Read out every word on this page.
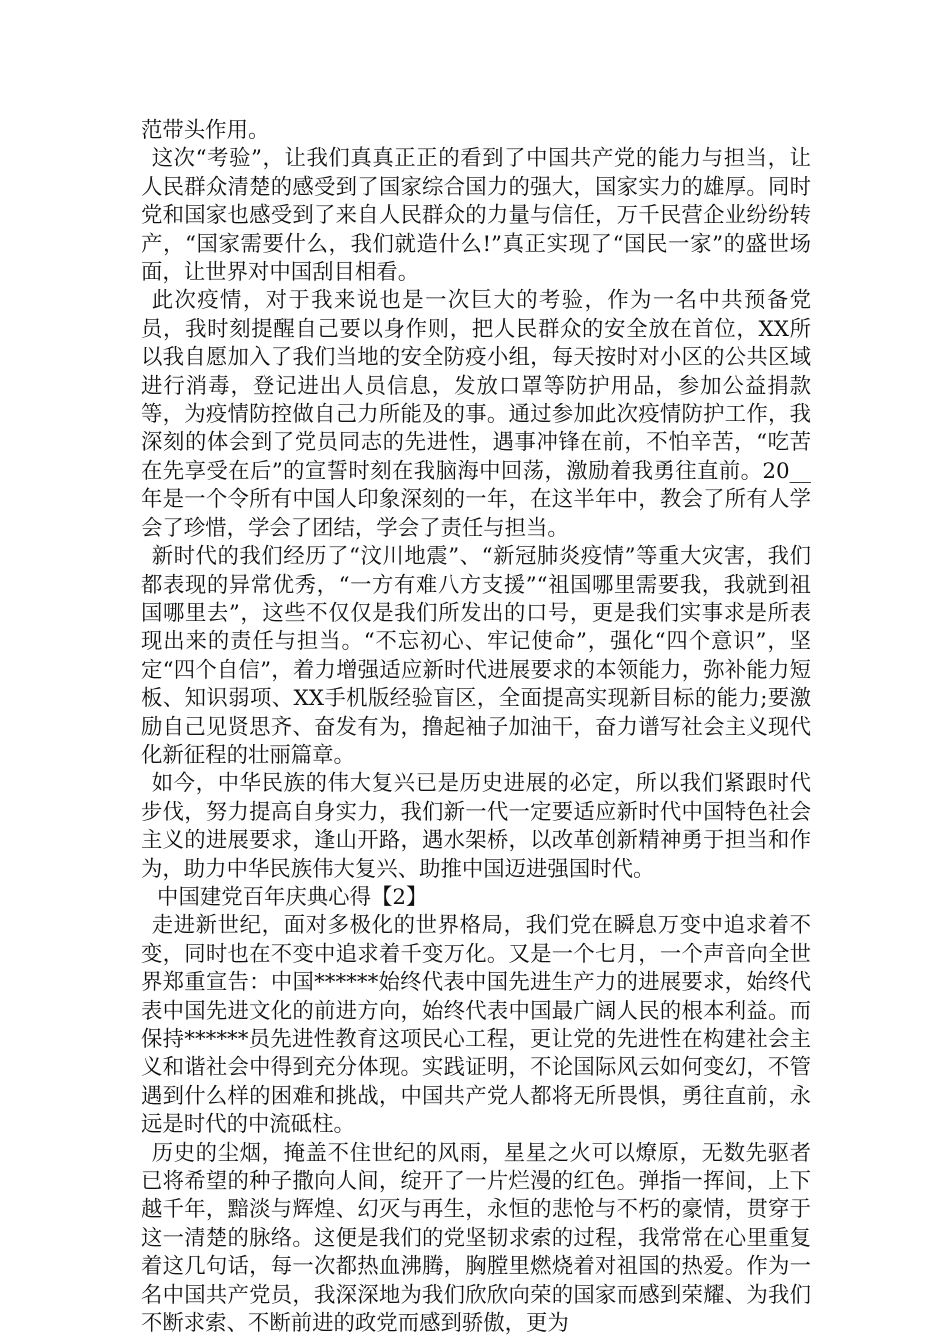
范带头作用。

这次“考验”，让我们真真正正的看到了中国共产党的能力与担当，让人民群众清楚的感受到了国家综合国力的强大，国家实力的雄厚。同时党和国家也感受到了来自人民群众的力量与信任，万千民营企业纷纷转产，“国家需要什么，我们就造什么!”真正实现了“国民一家”的盛世场面，让世界对中国刮目相看。

此次疫情，对于我来说也是一次巨大的考验，作为一名中共预备党员，我时刻提醒自己要以身作则，把人民群众的安全放在首位，XX所以我自愿加入了我们当地的安全防疫小组，每天按时对小区的公共区域进行消毒，登记进出人员信息，发放口罩等防护用品，参加公益捐款等，为疫情防控做自己力所能及的事。通过参加此次疫情防护工作，我深刻的体会到了党员同志的先进性，遇事冲锋在前，不怕辛苦，“吃苦在先享受在后”的宣誓时刻在我脑海中回荡，激励着我勇往直前。20__年是一个令所有中国人印象深刻的一年，在这半年中，教会了所有人学会了珍惜，学会了团结，学会了责任与担当。

新时代的我们经历了“汶川地震”、“新冠肺炎疫情”等重大灾害，我们都表现的异常优秀，“一方有难八方支援”“祖国哪里需要我，我就到祖国哪里去”，这些不仅仅是我们所发出的口号，更是我们实事求是所表现出来的责任与担当。“不忘初心、牢记使命”，强化“四个意识”，坚定“四个自信”，着力增强适应新时代进展要求的本领能力，弥补能力短板、知识弱项、XX手机版经验盲区，全面提高实现新目标的能力;要激励自己见贤思齐、奋发有为，撸起袖子加油干，奋力谱写社会主义现代化新征程的壮丽篇章。

如今，中华民族的伟大复兴已是历史进展的必定，所以我们紧跟时代步伐，努力提高自身实力，我们新一代一定要适应新时代中国特色社会主义的进展要求，逢山开路，遇水架桥，以改革创新精神勇于担当和作为，助力中华民族伟大复兴、助推中国迈进强国时代。

中国建党百年庆典心得【2】

走进新世纪，面对多极化的世界格局，我们党在瞬息万变中追求着不变，同时也在不变中追求着千变万化。又是一个七月，一个声音向全世界郑重宣告：中国******始终代表中国先进生产力的进展要求，始终代表中国先进文化的前进方向，始终代表中国最广阔人民的根本利益。而保持******员先进性教育这项民心工程，更让党的先进性在构建社会主义和谐社会中得到充分体现。实践证明，不论国际风云如何变幻，不管遇到什么样的困难和挑战，中国共产党人都将无所畏惧，勇往直前，永远是时代的中流砥柱。

历史的尘烟，掩盖不住世纪的风雨，星星之火可以燎原，无数先驱者已将希望的种子撒向人间，绽开了一片烂漫的红色。弹指一挥间，上下越千年，黯淡与辉煌、幻灭与再生，永恒的悲怆与不朽的豪情，贯穿于这一清楚的脉络。这便是我们的党坚韧求索的过程，我常常在心里重复着这几句话，每一次都热血沸腾，胸膛里燃烧着对祖国的热爱。作为一名中国共产党员，我深深地为我们欣欣向荣的国家而感到荣耀、为我们不断求索、不断前进的政党而感到骄傲，更为
